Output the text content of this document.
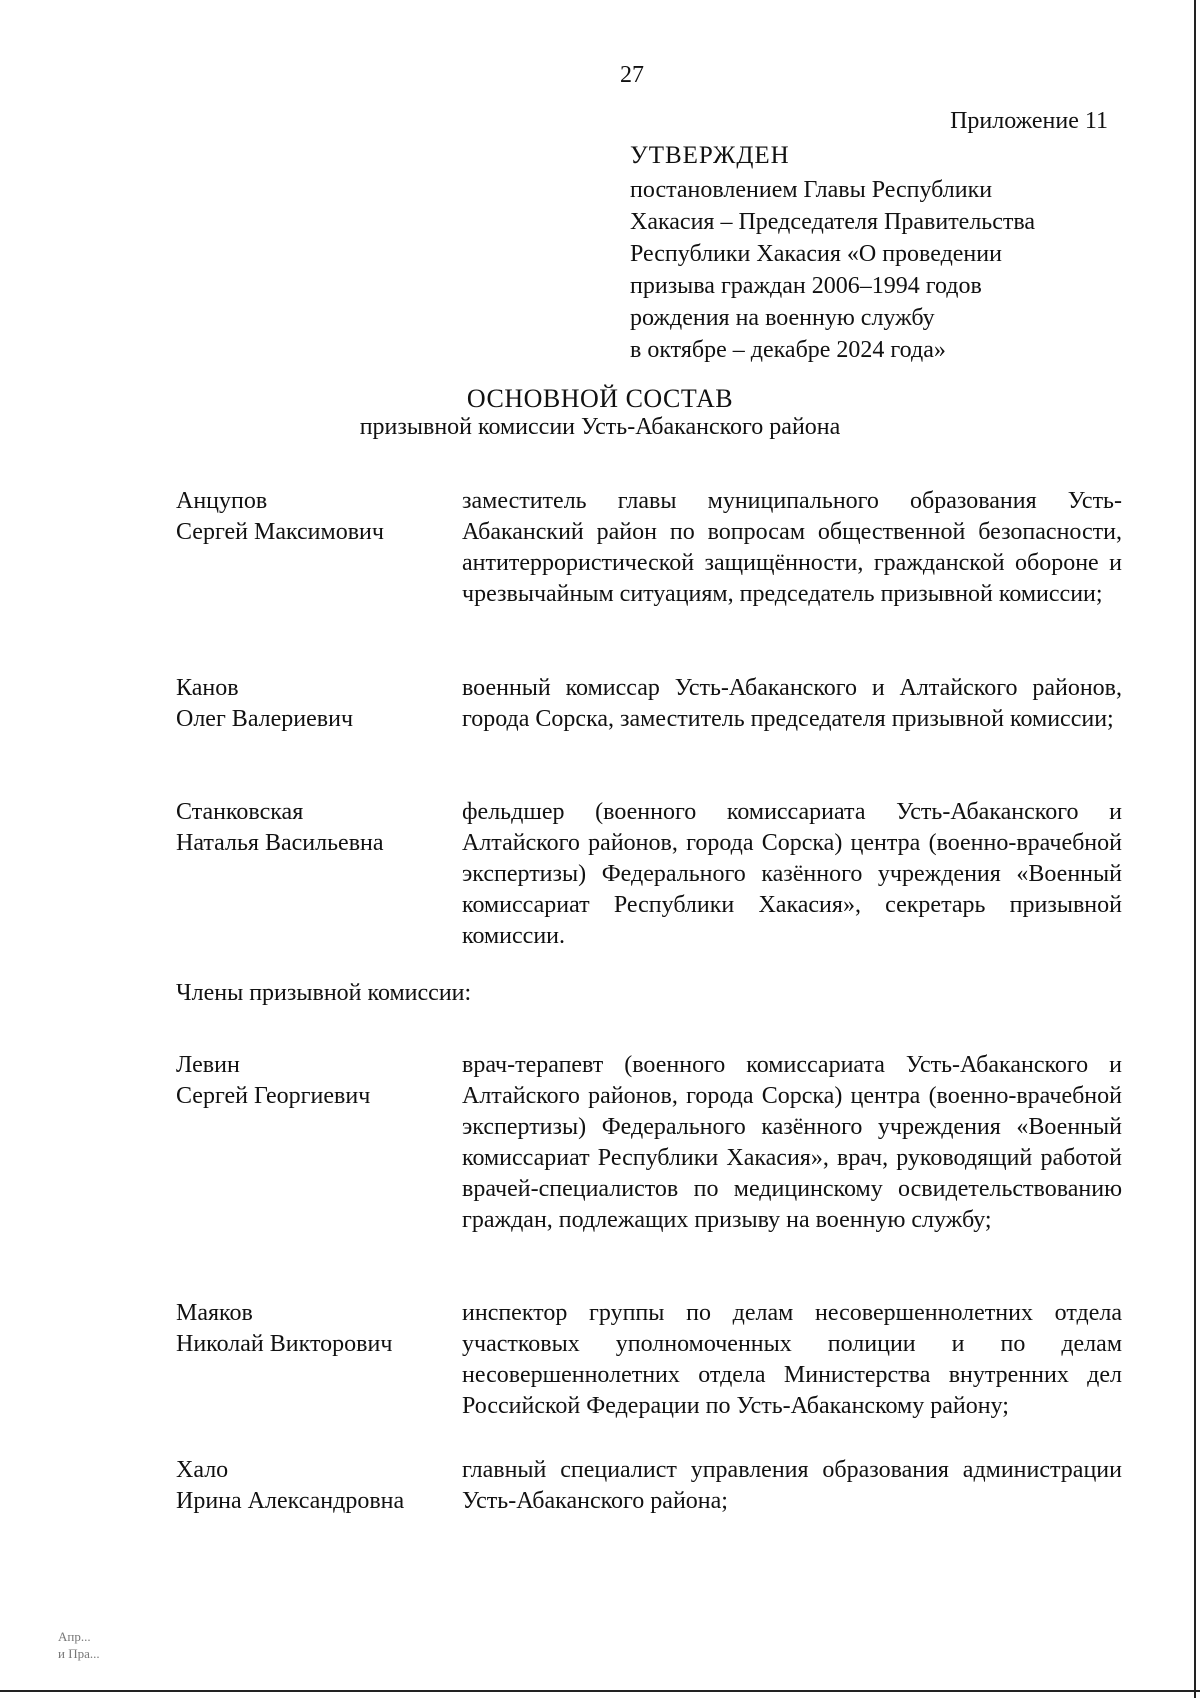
27
Приложение 11
УТВЕРЖДЕН
постановлением Главы Республики
Хакасия – Председателя Правительства
Республики Хакасия «О проведении
призыва граждан 2006–1994 годов
рождения на военную службу
в октябре – декабре 2024 года»
ОСНОВНОЙ СОСТАВ
призывной комиссии Усть-Абаканского района
Анцупов
Сергей Максимович
заместитель главы муниципального образования Усть-Абаканский район по вопросам общественной безопасности, антитеррористической защищённости, гражданской обороне и чрезвычайным ситуациям, председатель призывной комиссии;
Канов
Олег Валериевич
военный комиссар Усть-Абаканского и Алтайского районов, города Сорска, заместитель председателя призывной комиссии;
Станковская
Наталья Васильевна
фельдшер (военного комиссариата Усть-Абаканского и Алтайского районов, города Сорска) центра (военно-врачебной экспертизы) Федерального казённого учреждения «Военный комиссариат Республики Хакасия», секретарь призывной комиссии.
Члены призывной комиссии:
Левин
Сергей Георгиевич
врач-терапевт (военного комиссариата Усть-Абаканского и Алтайского районов, города Сорска) центра (военно-врачебной экспертизы) Федерального казённого учреждения «Военный комиссариат Республики Хакасия», врач, руководящий работой врачей-специалистов по медицинскому освидетельствованию граждан, подлежащих призыву на военную службу;
Маяков
Николай Викторович
инспектор группы по делам несовершеннолетних отдела участковых уполномоченных полиции и по делам несовершеннолетних отдела Министерства внутренних дел Российской Федерации по Усть-Абаканскому району;
Хало
Ирина Александровна
главный специалист управления образования администрации Усть-Абаканского района;
Апр...
и Пра...
